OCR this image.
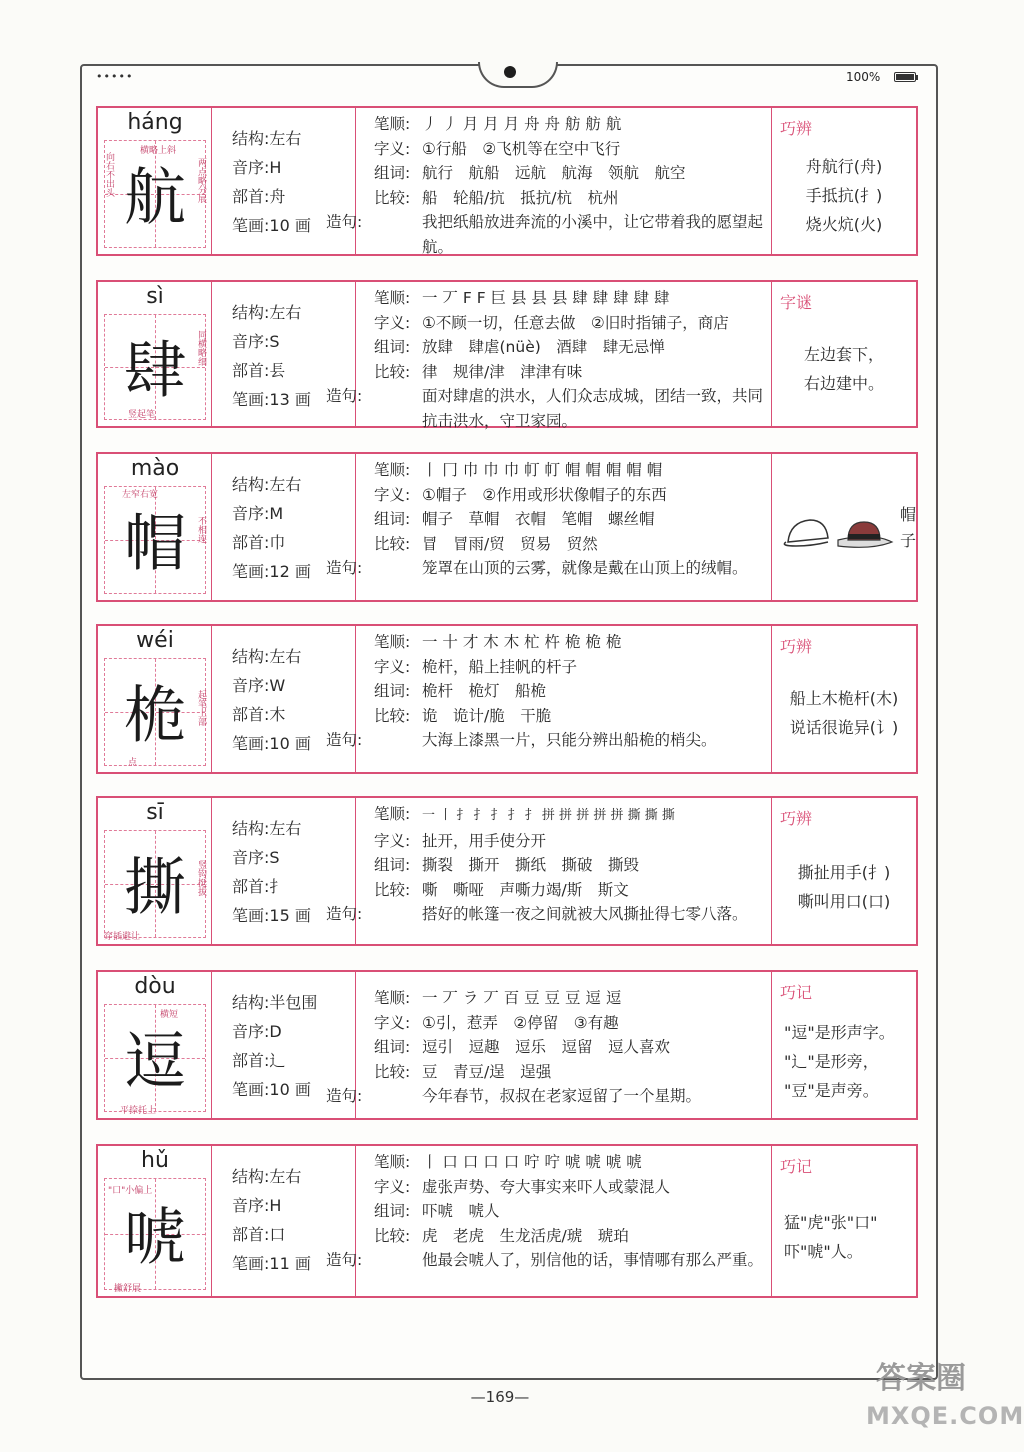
•••••	100%
háng
航
横略上斜
向右不出头	两点略分展
结构:左右
音序:H
部首:舟
笔画:10 画
笔顺: 丿 丿 月 月 月 舟 舟 舫 舫 航
字义: ①行船　②飞机等在空中飞行
组词: 航行　航船　远航　航海　领航　航空
比较: 船　轮船/抗　抵抗/杭　杭州
造句:	我把纸船放进奔流的小溪中，让它带着我的愿望起航。
巧辨
舟航行(舟)
手抵抗(扌)
烧火炕(火)
sì
肆
竖起笔
同横略细
结构:左右
音序:S
部首:镸
笔画:13 画
笔顺: 一 丆 F F 巨 县 县 县 肆 肆 肆 肆 肆
字义: ①不顾一切，任意去做　②旧时指铺子，商店
组词: 放肆　肆虐(nüè)　酒肆　肆无忌惮
比较: 律　规律/津　津津有味
造句:	面对肆虐的洪水，人们众志成城，团结一致，共同抗击洪水，守卫家园。
字谜
左边套下，
右边建中。
mào
帽
左窄右宽
不相连
结构:左右
音序:M
部首:巾
笔画:12 画
笔顺: 丨 冂 巾 巾 巾 帄 帄 帽 帽 帽 帽 帽
字义: ①帽子　②作用或形状像帽子的东西
组词: 帽子　草帽　衣帽　笔帽　螺丝帽
比较: 冒　冒雨/贸　贸易　贸然
造句:	笼罩在山顶的云雾，就像是戴在山顶上的绒帽。
帽
子
wéi
桅	起笔上部
点
结构:左右
音序:W
部首:木
笔画:10 画
笔顺: 一 十 才 木 木 杧 杵 桅 桅 桅
字义: 桅杆，船上挂帆的杆子
组词: 桅杆　桅灯　船桅
比较: 诡　诡计/脆　干脆
造句:	大海上漆黑一片，只能分辨出船桅的梢尖。
巧辨
船上木桅杆(木)
说话很诡异(讠)
sī
撕	竖钩挺拔
穿插避让
结构:左右
音序:S
部首:扌
笔画:15 画
笔顺: 一 丨 扌 扌 扌 扌 扌 拼 拼 拼 拼 拼 撕 撕 撕
字义: 扯开，用手使分开
组词: 撕裂　撕开　撕纸　撕破　撕毁
比较: 嘶　嘶哑　声嘶力竭/斯　斯文
造句:	搭好的帐篷一夜之间就被大风撕扯得七零八落。
巧辨
撕扯用手(扌)
嘶叫用口(口)
dòu
逗
横短
平捺托上
结构:半包围
音序:D
部首:辶
笔画:10 画
笔顺: 一 丆 ラ 丆 百 豆 豆 豆 逗 逗
字义: ①引，惹弄　②停留　③有趣
组词: 逗引　逗趣　逗乐　逗留　逗人喜欢
比较: 豆　青豆/逞　逞强
造句:	今年春节，叔叔在老家逗留了一个星期。
巧记
"逗"是形声字。
"辶"是形旁，
"豆"是声旁。
hǔ
唬
"口"小偏上
撇舒展
结构:左右
音序:H
部首:口
笔画:11 画
笔顺: 丨 口 口 口 口 咛 咛 唬 唬 唬 唬
字义: 虚张声势、夸大事实来吓人或蒙混人
组词: 吓唬　唬人
比较: 虎　老虎　生龙活虎/琥　琥珀
造句:	他最会唬人了，别信他的话，事情哪有那么严重。
巧记
猛"虎"张"口"
吓"唬"人。
—169—
答案圈
MXQE.COM
